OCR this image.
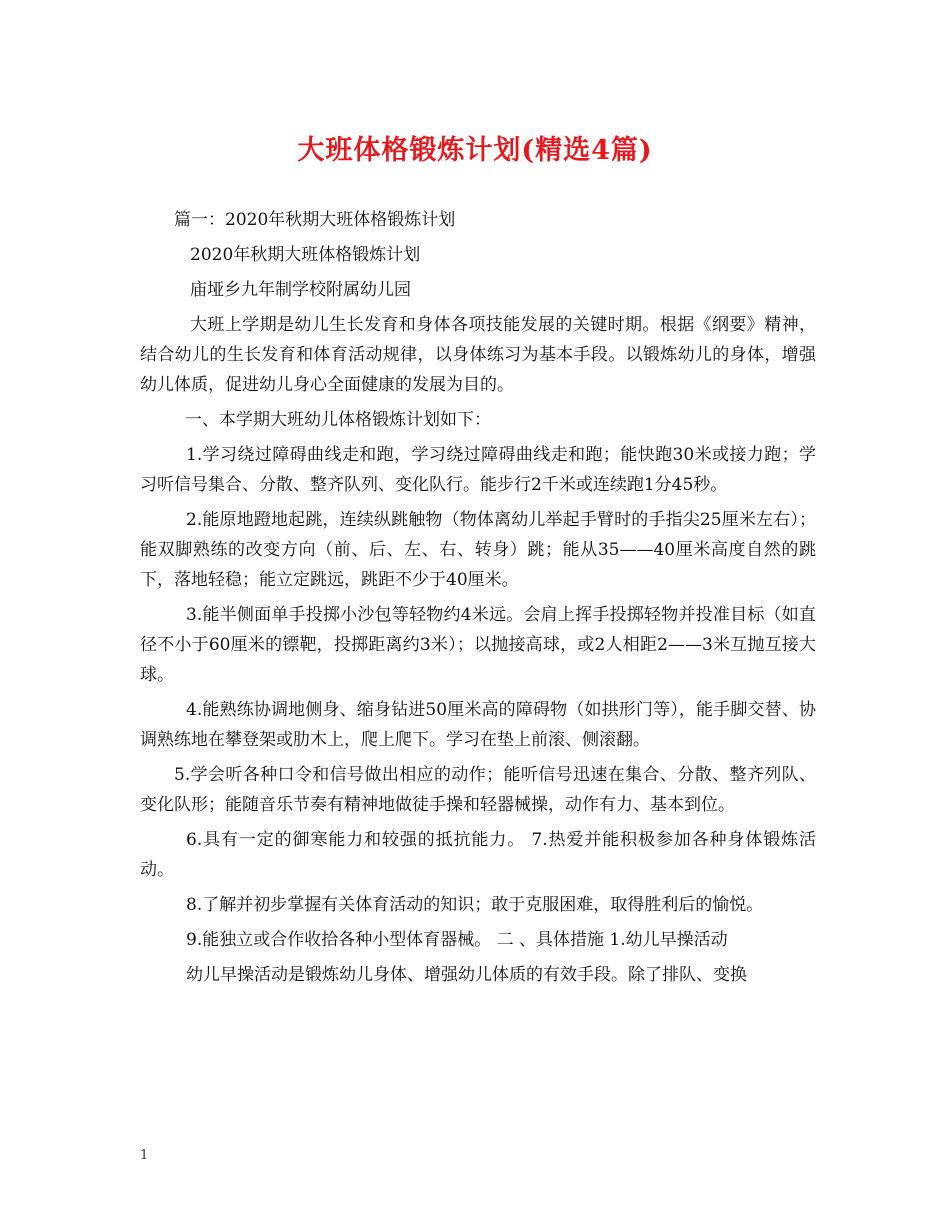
大班体格锻炼计划(精选4篇)

篇一：2020年秋期大班体格锻炼计划

2020年秋期大班体格锻炼计划

庙垭乡九年制学校附属幼儿园

大班上学期是幼儿生长发育和身体各项技能发展的关键时期。根据《纲要》精神，结合幼儿的生长发育和体育活动规律，以身体练习为基本手段。以锻炼幼儿的身体，增强幼儿体质，促进幼儿身心全面健康的发展为目的。

一、本学期大班幼儿体格锻炼计划如下：

1.学习绕过障碍曲线走和跑，学习绕过障碍曲线走和跑；能快跑30米或接力跑；学习听信号集合、分散、整齐队列、变化队行。能步行2千米或连续跑1分45秒。

2.能原地蹬地起跳，连续纵跳触物（物体离幼儿举起手臂时的手指尖25厘米左右）；能双脚熟练的改变方向（前、后、左、右、转身）跳；能从35——40厘米高度自然的跳下，落地轻稳；能立定跳远，跳距不少于40厘米。

3.能半侧面单手投掷小沙包等轻物约4米远。会肩上挥手投掷轻物并投准目标（如直径不小于60厘米的镖靶，投掷距离约3米）；以抛接高球，或2人相距2——3米互抛互接大球。

4.能熟练协调地侧身、缩身钻进50厘米高的障碍物（如拱形门等），能手脚交替、协调熟练地在攀登架或肋木上，爬上爬下。学习在垫上前滚、侧滚翻。

5.学会听各种口令和信号做出相应的动作；能听信号迅速在集合、分散、整齐列队、变化队形；能随音乐节奏有精神地做徒手操和轻器械操，动作有力、基本到位。

6.具有一定的御寒能力和较强的抵抗能力。 7.热爱并能积极参加各种身体锻炼活动。

8.了解并初步掌握有关体育活动的知识；敢于克服困难，取得胜利后的愉悦。

9.能独立或合作收拾各种小型体育器械。 二 、具体措施 1.幼儿早操活动

幼儿早操活动是锻炼幼儿身体、增强幼儿体质的有效手段。除了排队、变换

1
